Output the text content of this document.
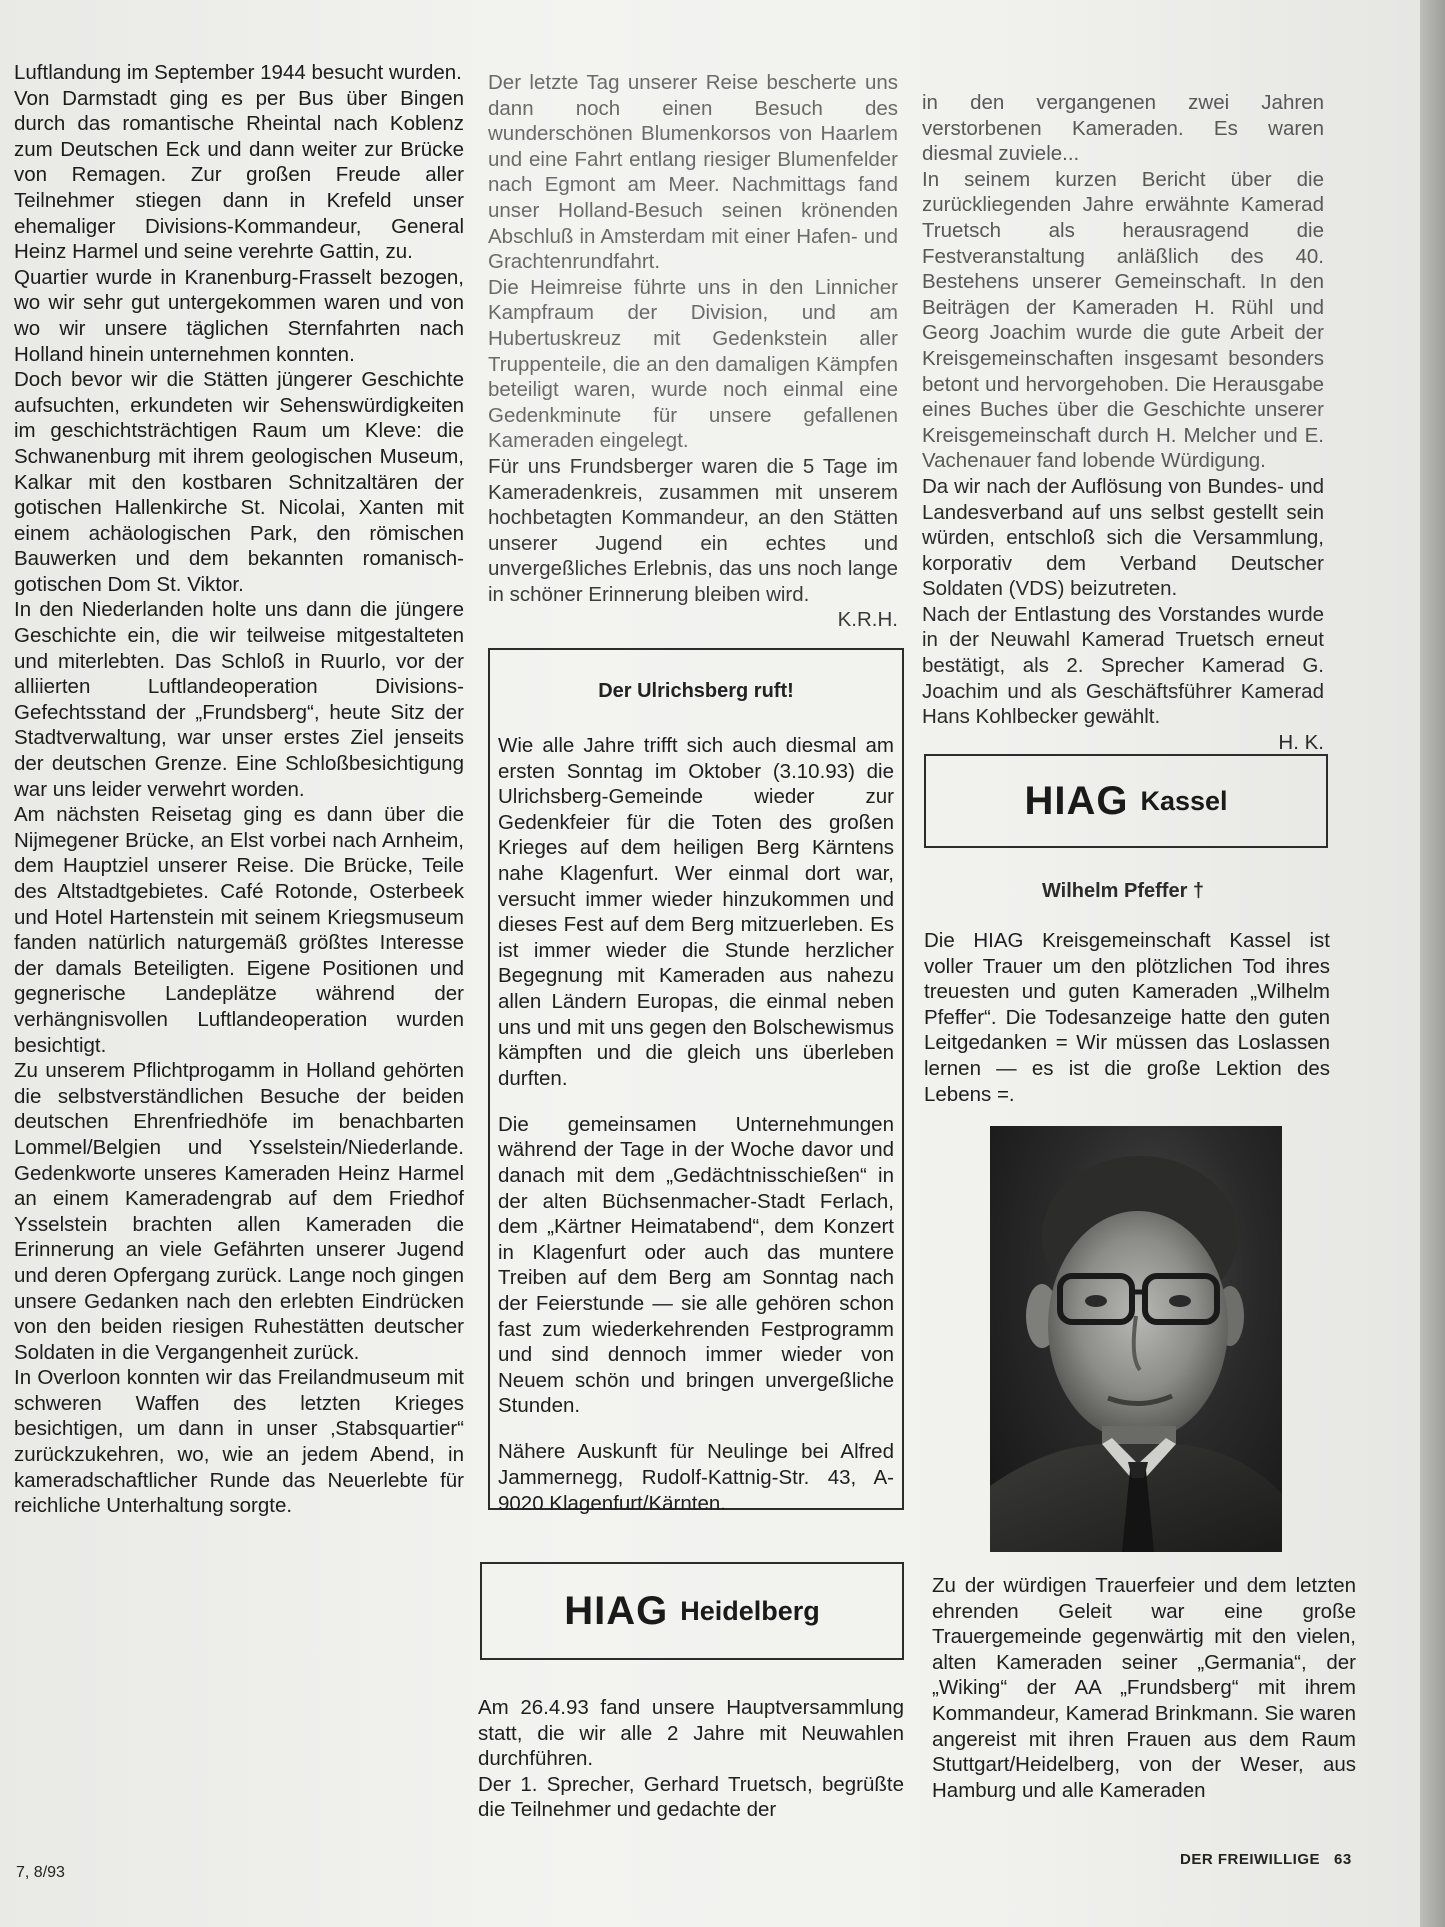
Luftlandung im September 1944 besucht wurden.

Von Darmstadt ging es per Bus über Bingen durch das romantische Rheintal nach Koblenz zum Deutschen Eck und dann weiter zur Brücke von Remagen. Zur großen Freude aller Teilnehmer stiegen dann in Krefeld unser ehemaliger Divisions-Kommandeur, General Heinz Harmel und seine verehrte Gattin, zu.

Quartier wurde in Kranenburg-Frasselt bezogen, wo wir sehr gut untergekommen waren und von wo wir unsere täglichen Sternfahrten nach Holland hinein unternehmen konnten.

Doch bevor wir die Stätten jüngerer Geschichte aufsuchten, erkundeten wir Sehenswürdigkeiten im geschichtsträchtigen Raum um Kleve: die Schwanenburg mit ihrem geologischen Museum, Kalkar mit den kostbaren Schnitzaltären der gotischen Hallenkirche St. Nicolai, Xanten mit einem achäologischen Park, den römischen Bauwerken und dem bekannten romanisch-gotischen Dom St. Viktor.

In den Niederlanden holte uns dann die jüngere Geschichte ein, die wir teilweise mitgestalteten und miterlebten. Das Schloß in Ruurlo, vor der alliierten Luftlandeoperation Divisions-Gefechtsstand der „Frundsberg“, heute Sitz der Stadtverwaltung, war unser erstes Ziel jenseits der deutschen Grenze. Eine Schloßbesichtigung war uns leider verwehrt worden.

Am nächsten Reisetag ging es dann über die Nijmegener Brücke, an Elst vorbei nach Arnheim, dem Hauptziel unserer Reise. Die Brücke, Teile des Altstadtgebietes. Café Rotonde, Osterbeek und Hotel Hartenstein mit seinem Kriegsmuseum fanden natürlich naturgemäß größtes Interesse der damals Beteiligten. Eigene Positionen und gegnerische Landeplätze während der verhängnisvollen Luftlandeoperation wurden besichtigt.

Zu unserem Pflichtprogamm in Holland gehörten die selbstverständlichen Besuche der beiden deutschen Ehrenfriedhöfe im benachbarten Lommel/Belgien und Ysselstein/Niederlande. Gedenkworte unseres Kameraden Heinz Harmel an einem Kameradengrab auf dem Friedhof Ysselstein brachten allen Kameraden die Erinnerung an viele Gefährten unserer Jugend und deren Opfergang zurück. Lange noch gingen unsere Gedanken nach den erlebten Eindrücken von den beiden riesigen Ruhestätten deutscher Soldaten in die Vergangenheit zurück.

In Overloon konnten wir das Freilandmuseum mit schweren Waffen des letzten Krieges besichtigen, um dann in unser ‚Stabsquartier“ zurückzukehren, wo, wie an jedem Abend, in kameradschaftlicher Runde das Neuerlebte für reichliche Unterhaltung sorgte.

Der letzte Tag unserer Reise bescherte uns dann noch einen Besuch des wunderschönen Blumenkorsos von Haarlem und eine Fahrt entlang riesiger Blumenfelder nach Egmont am Meer. Nachmittags fand unser Holland-Besuch seinen krönenden Abschluß in Amsterdam mit einer Hafen- und Grachtenrundfahrt.

Die Heimreise führte uns in den Linnicher Kampfraum der Division, und am Hubertuskreuz mit Gedenkstein aller Truppenteile, die an den damaligen Kämpfen beteiligt waren, wurde noch einmal eine Gedenkminute für unsere gefallenen Kameraden eingelegt.

Für uns Frundsberger waren die 5 Tage im Kameradenkreis, zusammen mit unserem hochbetagten Kommandeur, an den Stätten unserer Jugend ein echtes und unvergeßliches Erlebnis, das uns noch lange in schöner Erinnerung bleiben wird.

K.R.H.
Der Ulrichsberg ruft!

Wie alle Jahre trifft sich auch diesmal am ersten Sonntag im Oktober (3.10.93) die Ulrichsberg-Gemeinde wieder zur Gedenkfeier für die Toten des großen Krieges auf dem heiligen Berg Kärntens nahe Klagenfurt. Wer einmal dort war, versucht immer wieder hinzukommen und dieses Fest auf dem Berg mitzuerleben. Es ist immer wieder die Stunde herzlicher Begegnung mit Kameraden aus nahezu allen Ländern Europas, die einmal neben uns und mit uns gegen den Bolschewismus kämpften und die gleich uns überleben durften.

Die gemeinsamen Unternehmungen während der Tage in der Woche davor und danach mit dem „Gedächtnisschießen“ in der alten Büchsenmacher-Stadt Ferlach, dem „Kärtner Heimatabend“, dem Konzert in Klagenfurt oder auch das muntere Treiben auf dem Berg am Sonntag nach der Feierstunde — sie alle gehören schon fast zum wiederkehrenden Festprogramm und sind dennoch immer wieder von Neuem schön und bringen unvergeßliche Stunden.

Nähere Auskunft für Neulinge bei Alfred Jammernegg, Rudolf-Kattnig-Str. 43, A-9020 Klagenfurt/Kärnten.

HIAG Heidelberg

Am 26.4.93 fand unsere Hauptversammlung statt, die wir alle 2 Jahre mit Neuwahlen durchführen.

Der 1. Sprecher, Gerhard Truetsch, begrüßte die Teilnehmer und gedachte der

in den vergangenen zwei Jahren verstorbenen Kameraden. Es waren diesmal zuviele...

In seinem kurzen Bericht über die zurückliegenden Jahre erwähnte Kamerad Truetsch als herausragend die Festveranstaltung anläßlich des 40. Bestehens unserer Gemeinschaft. In den Beiträgen der Kameraden H. Rühl und Georg Joachim wurde die gute Arbeit der Kreisgemeinschaften insgesamt besonders betont und hervorgehoben. Die Herausgabe eines Buches über die Geschichte unserer Kreisgemeinschaft durch H. Melcher und E. Vachenauer fand lobende Würdigung.

Da wir nach der Auflösung von Bundes- und Landesverband auf uns selbst gestellt sein würden, entschloß sich die Versammlung, korporativ dem Verband Deutscher Soldaten (VDS) beizutreten.

Nach der Entlastung des Vorstandes wurde in der Neuwahl Kamerad Truetsch erneut bestätigt, als 2. Sprecher Kamerad G. Joachim und als Geschäftsführer Kamerad Hans Kohlbecker gewählt.

H. K.
HIAG Kassel
Wilhelm Pfeffer †
Die HIAG Kreisgemeinschaft Kassel ist voller Trauer um den plötzlichen Tod ihres treuesten und guten Kameraden „Wilhelm Pfeffer“. Die Todesanzeige hatte den guten Leitgedanken = Wir müssen das Loslassen lernen — es ist die große Lektion des Lebens =.
Zu der würdigen Trauerfeier und dem letzten ehrenden Geleit war eine große Trauergemeinde gegenwärtig mit den vielen, alten Kameraden seiner „Germania“, der „Wiking“ der AA „Frundsberg“ mit ihrem Kommandeur, Kamerad Brinkmann. Sie waren angereist mit ihren Frauen aus dem Raum Stuttgart/Heidelberg, von der Weser, aus Hamburg und alle Kameraden
7, 8/93
DER FREIWILLIGE 63
